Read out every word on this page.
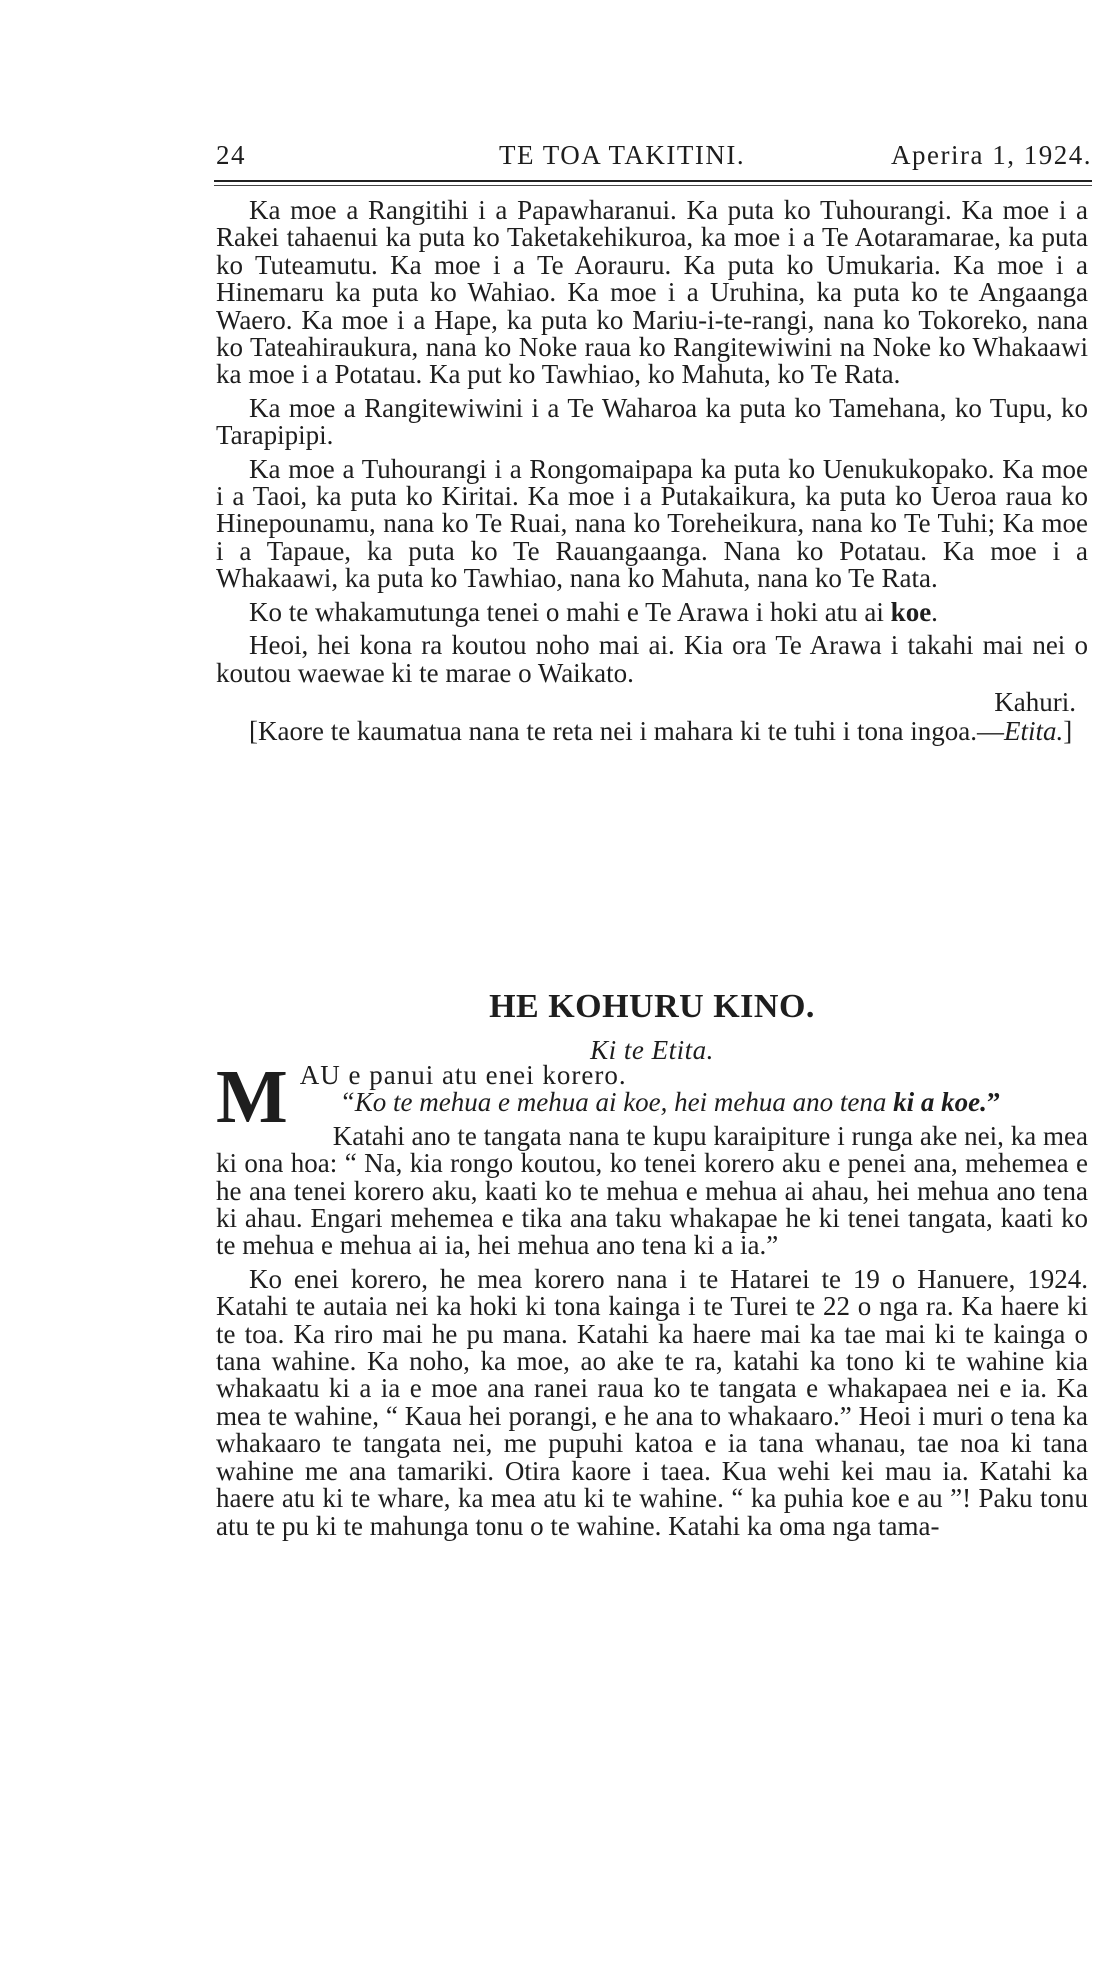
24	TE TOA TAKITINI.	Aperira 1, 1924.

Ka moe a Rangitihi i a Papawharanui. Ka puta ko Tuhourangi. Ka moe i a Rakei tahaenui ka puta ko Taketakehikuroa, ka moe i a Te Aotaramarae, ka puta ko Tuteamutu. Ka moe i a Te Aorauru. Ka puta ko Umukaria. Ka moe i a Hinemaru ka puta ko Wahiao. Ka moe i a Uruhina, ka puta ko te Angaanga Waero. Ka moe i a Hape, ka puta ko Mariu-i-te-rangi, nana ko Tokoreko, nana ko Tateahiraukura, nana ko Noke raua ko Rangitewiwini na Noke ko Whakaawi ka moe i a Potatau. Ka put ko Tawhiao, ko Mahuta, ko Te Rata.

Ka moe a Rangitewiwini i a Te Waharoa ka puta ko Tamehana, ko Tupu, ko Tarapipipi.

Ka moe a Tuhourangi i a Rongomaipapa ka puta ko Uenukukopako. Ka moe i a Taoi, ka puta ko Kiritai. Ka moe i a Putakaikura, ka puta ko Ueroa raua ko Hinepounamu, nana ko Te Ruai, nana ko Toreheikura, nana ko Te Tuhi; Ka moe i a Tapaue, ka puta ko Te Rauangaanga. Nana ko Potatau. Ka moe i a Whakaawi, ka puta ko Tawhiao, nana ko Mahuta, nana ko Te Rata.

Ko te whakamutunga tenei o mahi e Te Arawa i hoki atu ai koe.

Heoi, hei kona ra koutou noho mai ai. Kia ora Te Arawa i takahi mai nei o koutou waewae ki te marae o Waikato.

Kahuri.

[Kaore te kaumatua nana te reta nei i mahara ki te tuhi i tona ingoa.—Etita.]

HE KOHURU KINO.
Ki te Etita.
M AU e panui atu enei korero.

“Ko te mehua e mehua ai koe, hei mehua ano tena ki a koe.”

Katahi ano te tangata nana te kupu karaipiture i runga ake nei, ka mea ki ona hoa: “ Na, kia rongo koutou, ko tenei korero aku e penei ana, mehemea e he ana tenei korero aku, kaati ko te mehua e mehua ai ahau, hei mehua ano tena ki ahau. Engari mehemea e tika ana taku whakapae he ki tenei tangata, kaati ko te mehua e mehua ai ia, hei mehua ano tena ki a ia.”

Ko enei korero, he mea korero nana i te Hatarei te 19 o Hanuere, 1924. Katahi te autaia nei ka hoki ki tona kainga i te Turei te 22 o nga ra. Ka haere ki te toa. Ka riro mai he pu mana. Katahi ka haere mai ka tae mai ki te kainga o tana wahine. Ka noho, ka moe, ao ake te ra, katahi ka tono ki te wahine kia whakaatu ki a ia e moe ana ranei raua ko te tangata e whakapaea nei e ia. Ka mea te wahine, “ Kaua hei porangi, e he ana to whakaaro.” Heoi i muri o tena ka whakaaro te tangata nei, me pupuhi katoa e ia tana whanau, tae noa ki tana wahine me ana tamariki. Otira kaore i taea. Kua wehi kei mau ia. Katahi ka haere atu ki te whare, ka mea atu ki te wahine. “ ka puhia koe e au ”! Paku tonu atu te pu ki te mahunga tonu o te wahine. Katahi ka oma nga tama-
